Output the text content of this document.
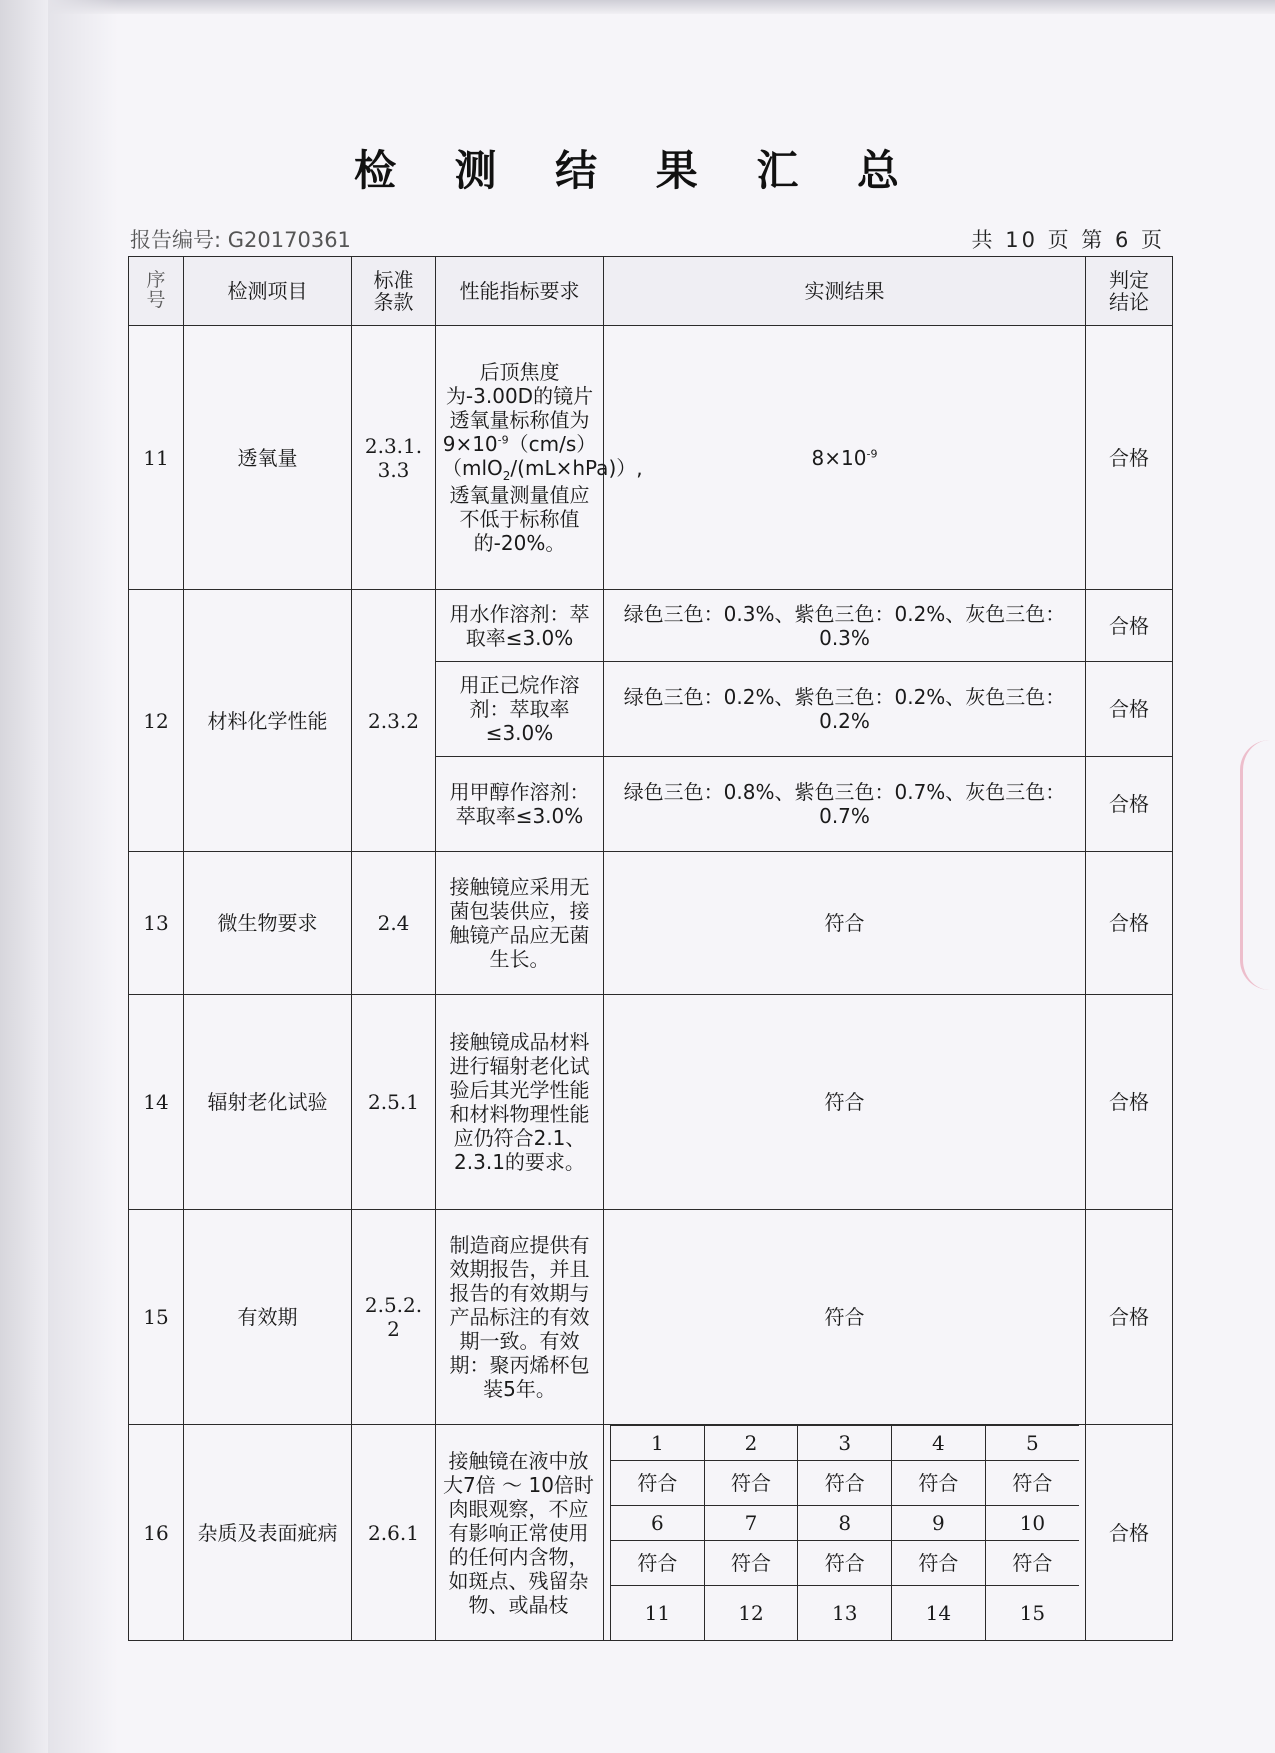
检 测 结 果 汇 总
报告编号: G20170361	共 10 页 第 6 页
序号	检测项目	标准条款	性能指标要求	实测结果	判定结论
11	透氧量	2.3.1.3.3	后顶焦度为-3.00D的镜片透氧量标称值为$9\times 10^{-9}(cm/s)(mlO_2/(mL\times hPa))$,透氧量测量值应不低于标称值的-20%。	$8\times 10^{-9}$	合格
12	材料化学性能	2.3.2	用水作溶剂：萃取率≤3.0%	绿色三色：0.3%、紫色三色：0.2%、灰色三色：0.3%	合格
用正己烷作溶剂：萃取率≤3.0%	绿色三色：0.2%、紫色三色：0.2%、灰色三色：0.2%	合格
用甲醇作溶剂：萃取率≤3.0%	绿色三色：0.8%、紫色三色：0.7%、灰色三色：0.7%	合格
13	微生物要求	2.4	接触镜应采用无菌包装供应，接触镜产品应无菌生长。	符合	合格
14	辐射老化试验	2.5.1	接触镜成品材料进行辐射老化试验后其光学性能和材料物理性能应仍符合2.1、2.3.1的要求。	符合	合格
15	有效期	2.5.2.2	制造商应提供有效期报告，并且报告的有效期与产品标注的有效期一致。有效期：聚丙烯杯包装5年。	符合	合格
16	杂质及表面疵病	2.6.1	接触镜在液中放大7倍 ～ 10倍时肉眼观察，不应有影响正常使用的任何内含物，如斑点、残留杂物、或晶枝	
1	2	3	4	5
符合	符合	符合	符合	符合
6	7	8	9	10
符合	符合	符合	符合	符合
11	12	13	14	15
	合格
